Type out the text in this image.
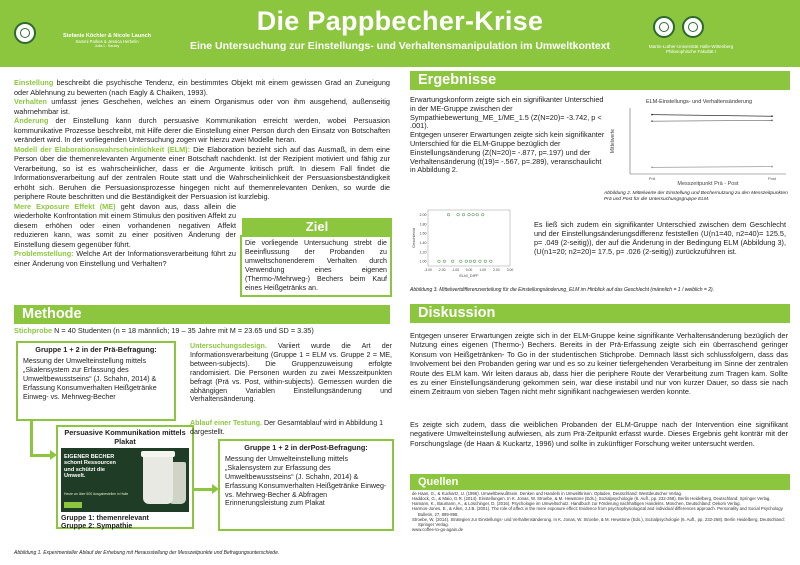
Stefanie Köchler & Nicole Launch
Sammi Parkes & Jessica Herbelin
Julia L. Sauley
Die Pappbecher-Krise
Eine Untersuchung zur Einstellungs- und Verhaltensmanipulation im Umweltkontext	Martin-Luther-Universität Halle-Wittenberg
Philosophische Fakultät I
Einstellung beschreibt die psychische Tendenz, ein bestimmtes Objekt mit einem gewissen Grad an Zuneigung oder Ablehnung zu bewerten (nach Eagly & Chaiken, 1993).
Verhalten umfasst jenes Geschehen, welches an einem Organismus oder von ihm ausgehend, außenseitig wahrnehmbar ist.
Änderung der Einstellung kann durch persuasive Kommunikation erreicht werden, wobei Persuasion kommunikative Prozesse beschreibt, mit Hilfe derer die Einstellung einer Person durch den Einsatz von Botschaften verändert wird. In der vorliegenden Untersuchung zogen wir hierzu zwei Modelle heran.
Modell der Elaborationswahrscheinlichkeit (ELM): Die Elaboration bezieht sich auf das Ausmaß, in dem eine Person über die themenrelevanten Argumente einer Botschaft nachdenkt. Ist der Rezipient motiviert und fähig zur Verarbeitung, so ist es wahrscheinlicher, dass er die Argumente kritisch prüft. In diesem Fall findet die Informationsverarbeitung auf der zentralen Route statt und die Wahrscheinlichkeit der Persuasionsbeständigkeit erhöht sich. Beruhen die Persuasionsprozesse hingegen nicht auf themenrelevanten Denken, so wurde die periphere Route beschritten und die Beständigkeit der Persuasion ist kurzlebig.
Mere Exposure Effekt (ME) geht davon aus, dass allein die wiederholte Konfrontation mit einem Stimulus den positiven Affekt zu diesem erhöhen oder einen vorhandenen negativen Affekt reduzieren kann, was somit zu einer positiven Änderung der Einstellung diesem gegenüber führt.
Problemstellung: Welche Art der Informationsverarbeitung führt zu einer Änderung von Einstellung und Verhalten?
Ziel
Die vorliegende Untersuchung strebt die Beeinflussung der Probanden zu umweltschonenderem Verhalten durch Verwendung eines eigenen (Thermo-/Mehrweg-) Bechers beim Kauf eines Heißgetränks an.
Methode
Stichprobe N = 40 Studenten (n = 18 männlich; 19 – 35 Jahre mit M = 23.65 und SD = 3.35)
Gruppe 1 + 2 in der Prä-Befragung:
Messung der Umwelteinstellung mittels „Skalensystem zur Erfassung des Umweltbewusstseins“ (J. Schahn, 2014) & Erfassung Konsumverhalten Heißgetränke Einweg- vs. Mehrweg-Becher
Persuasive Kommunikation mittels Plakat
EIGENER BECHER
schont Ressourcen
und schützt die
Umwelt.
Heute an über 600 Ausgabestellen in Halle
Gruppe 1: themenrelevant
Gruppe 2: Sympathie
Untersuchungsdesign. Variiert wurde die Art der Informationsverarbeitung (Gruppe 1 = ELM vs. Gruppe 2 = ME, between-subjects). Die Gruppenzuweisung erfolgte randomisiert. Die Personen wurden zu zwei Messzeitpunkten befragt (Prä vs. Post, within-subjects). Gemessen wurden die abhängigen Variablen Einstellungsänderung und Verhaltensänderung.
Ablauf einer Testung. Der Gesamtablauf wird in Abbildung 1 dargestellt.
Gruppe 1 + 2 in derPost-Befragung:
Messung der Umwelteinstellung mittels „Skalensystem zur Erfassung des Umweltbewusstseins“ (J. Schahn, 2014) & Erfassung Konsumverhalten Heißgetränke Einweg- vs. Mehrweg-Becher & Abfragen Erinnerungsleistung zum Plakat
Abbildung 1. Experimenteller Ablauf der Erhebung mit Herausstellung der Messzeitpunkte und Befragungsunterschiede.
Ergebnisse
Erwartungskonform zeigte sich ein signifikanter Unterschied in der ME-Gruppe zwischen der Sympathiebewertung_ME_1/ME_1.5 (Z(N=20)= -3.742, p < .001).
Entgegen unserer Erwartungen zeigte sich kein signifikanter Unterschied für die ELM-Gruppe bezüglich der Einstellungsänderung (Z(N=20)= -.877, p=.197) und der Verhaltensänderung (t(19)= -.567, p=.289), veranschaulicht in Abbildung 2.
ELM-Einstellungs- und Verhaltensänderung
Mittelwerte
Messzeitpunkt Prä - Post
Prä	Post
Abbildung 2. Mittelwerte der Einstellung und Bechernutzung zu den Messzeitpunkten Prä und Post für die Untersuchungsgruppe ELM.
2.00
1.80
1.60
1.40
1.20
1.00
-3.00 -2.00 -1.00 0.00 1.00 2.00 3.00
Geschlecht
ELM_DIFF
Es ließ sich zudem ein signifikanter Unterschied zwischen dem Geschlecht und der Einstellungsänderungsdifferenz feststellen (U(n1=40, n2=40)= 125.5, p= .049 (2-seitig)), der auf die Änderung in der Bedingung ELM (Abbildung 3), (U(n1=20; n2=20)= 17.5, p= .026 (2-seitig)) zurückzuführen ist.
Abbildung 3. Mittelwertdifferenzverteilung für die Einstellungsänderung_ELM im Hinblick auf das Geschlecht (männlich = 1 / weiblich = 2).
Diskussion
Entgegen unserer Erwartungen zeigte sich in der ELM-Gruppe keine signifikante Verhaltensänderung bezüglich der Nutzung eines eigenen (Thermo-) Bechers. Bereits in der Prä-Erfassung zeigte sich ein überraschend geringer Konsum von Heißgetränken- To Go in der studentischen Stichprobe. Demnach lässt sich schlussfolgern, dass das Involvement bei den Probanden gering war und es so zu keiner tiefergehenden Verarbeitung im Sinne der zentralen Route des ELM kam. Wir leiten daraus ab, dass hier die periphere Route der Verarbeitung zum Tragen kam. Sollte es zu einer Einstellungsänderung gekommen sein, war diese instabil und nur von kurzer Dauer, so dass sie nach einem Zeitraum von sieben Tagen nicht mehr signifikant nachgewiesen werden konnte.
Es zeigte sich zudem, dass die weiblichen Probanden der ELM-Gruppe nach der Intervention eine signifikant negativere Umwelteinstellung aufwiesen, als zum Prä-Zeitpunkt erfasst wurde. Dieses Ergebnis geht konträr mit der Forschungslage (de Haan & Kuckartz, 1996) und sollte in zukünftiger Forschung weiter untersucht werden.
Quellen
de Haan, G., & Kuckartz, U. (1996). Umweltbewußtsein. Denken und Handeln in Umweltkrisen. Opladen, Deutschland: Westdeutscher Verlag.
Haddock, G., & Maio, G.R. (2014). Einstellungen. In K. Jonas, W. Stroebe, & M. Hewstone (Eds.), Sozialpsychologie (6. Aufl., pp. 232-268). Berlin Heidelberg, Deutschland: Springer Verlag.
Hamann, K., Baumann, A., & Löschinger, D. (2016). Psychologie im Umweltschutz. Handbuch zur Förderung nachhaltigen Handelns. München, Deutschland: Oekom Verlag.
Harmon-Jones, E., & Allen, J.J.B. (2001). The role of affect in the mere exposure effect: Evidence from psychophysiological and individual differences approach. Personality and Social Psychology Bulletin, 27, 889-898.
Stroebe, W. (2014). Strategien zur Einstellungs- und Verhaltensänderung. In K. Jonas, W. Stroebe, & M. Hewstone (Eds.), Sozialpsychologie (6. Aufl., pp. 232-268). Berlin Heidelberg, Deutschland: Springer Verlag.
www.coffee-to-go-again.de
